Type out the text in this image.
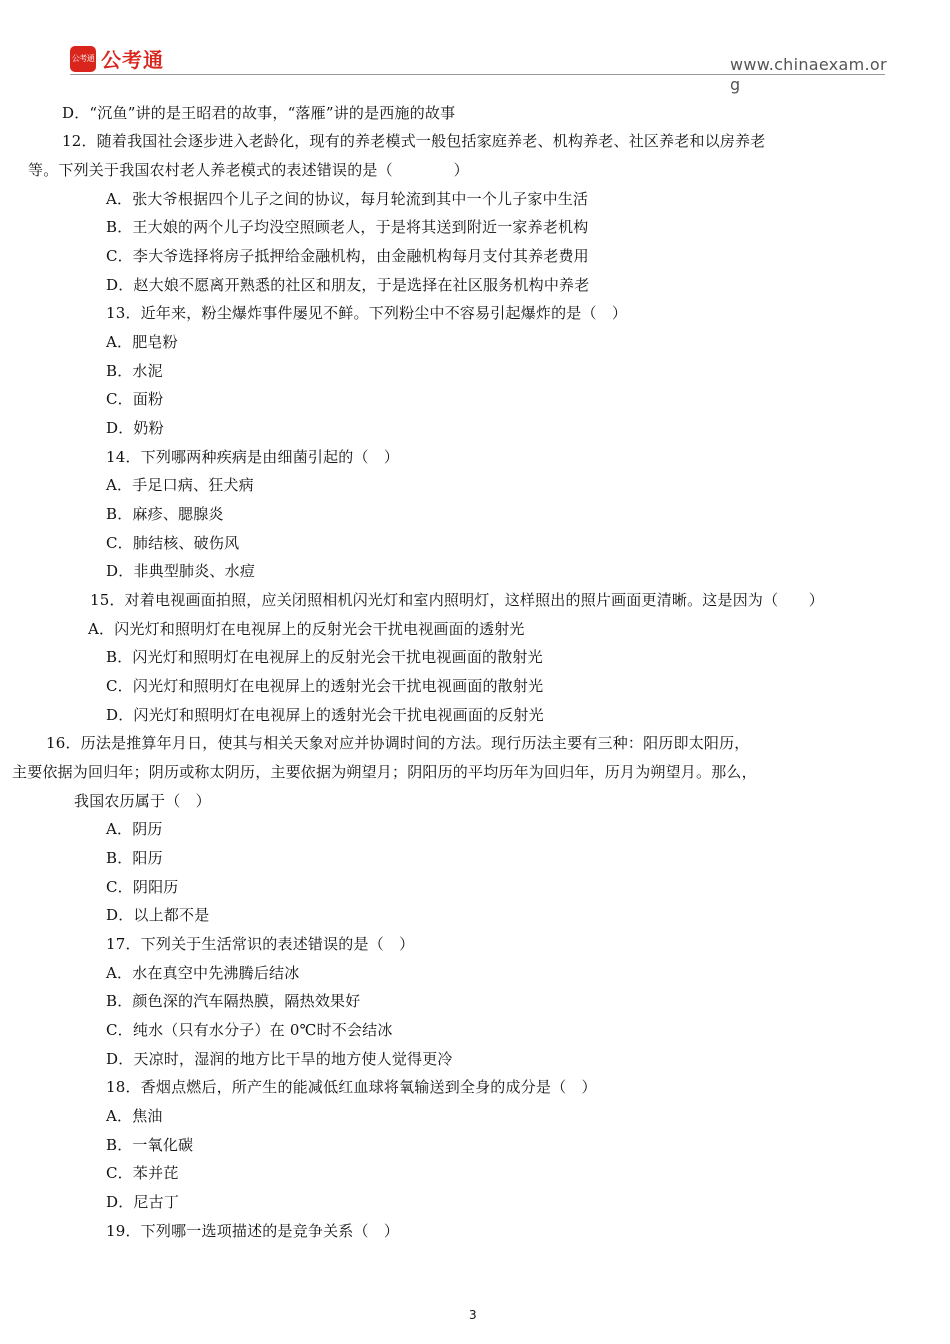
公考通 公考通	www.chinaexam.org
D．“沉鱼”讲的是王昭君的故事，“落雁”讲的是西施的故事
12．随着我国社会逐步进入老龄化，现有的养老模式一般包括家庭养老、机构养老、社区养老和以房养老
等。下列关于我国农村老人养老模式的表述错误的是（　　　　）
A．张大爷根据四个儿子之间的协议，每月轮流到其中一个儿子家中生活
B．王大娘的两个儿子均没空照顾老人，于是将其送到附近一家养老机构
C．李大爷选择将房子抵押给金融机构，由金融机构每月支付其养老费用
D．赵大娘不愿离开熟悉的社区和朋友，于是选择在社区服务机构中养老
13．近年来，粉尘爆炸事件屡见不鲜。下列粉尘中不容易引起爆炸的是（　）
A．肥皂粉
B．水泥
C．面粉
D．奶粉
14．下列哪两种疾病是由细菌引起的（　）
A．手足口病、狂犬病
B．麻疹、腮腺炎
C．肺结核、破伤风
D．非典型肺炎、水痘
15．对着电视画面拍照，应关闭照相机闪光灯和室内照明灯，这样照出的照片画面更清晰。这是因为（　　）
A．闪光灯和照明灯在电视屏上的反射光会干扰电视画面的透射光
B．闪光灯和照明灯在电视屏上的反射光会干扰电视画面的散射光
C．闪光灯和照明灯在电视屏上的透射光会干扰电视画面的散射光
D．闪光灯和照明灯在电视屏上的透射光会干扰电视画面的反射光
16．历法是推算年月日，使其与相关天象对应并协调时间的方法。现行历法主要有三种：阳历即太阳历，
主要依据为回归年；阴历或称太阴历，主要依据为朔望月；阴阳历的平均历年为回归年，历月为朔望月。那么，
我国农历属于（　）
A．阴历
B．阳历
C．阴阳历
D．以上都不是
17．下列关于生活常识的表述错误的是（　）
A．水在真空中先沸腾后结冰
B．颜色深的汽车隔热膜，隔热效果好
C．纯水（只有水分子）在 0℃时不会结冰
D．天凉时，湿润的地方比干旱的地方使人觉得更冷
18．香烟点燃后，所产生的能减低红血球将氧输送到全身的成分是（　）
A．焦油
B．一氧化碳
C．苯并芘
D．尼古丁
19．下列哪一选项描述的是竞争关系（　）
3
